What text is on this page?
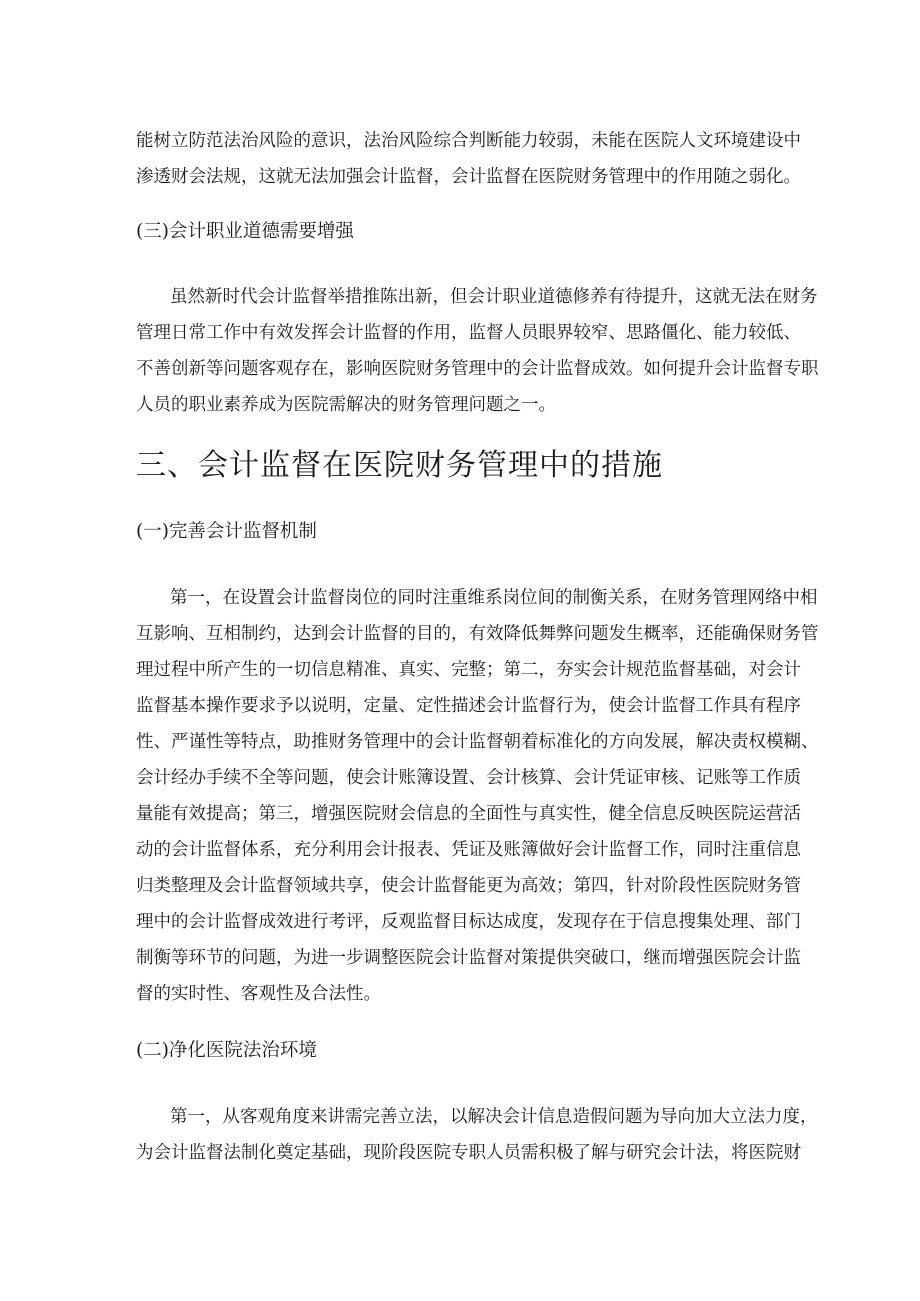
能树立防范法治风险的意识，法治风险综合判断能力较弱，未能在医院人文环境建设中
渗透财会法规，这就无法加强会计监督，会计监督在医院财务管理中的作用随之弱化。
(三)会计职业道德需要增强
虽然新时代会计监督举措推陈出新，但会计职业道德修养有待提升，这就无法在财务
管理日常工作中有效发挥会计监督的作用，监督人员眼界较窄、思路僵化、能力较低、
不善创新等问题客观存在，影响医院财务管理中的会计监督成效。如何提升会计监督专职
人员的职业素养成为医院需解决的财务管理问题之一。
三、会计监督在医院财务管理中的措施
(一)完善会计监督机制
第一，在设置会计监督岗位的同时注重维系岗位间的制衡关系，在财务管理网络中相
互影响、互相制约，达到会计监督的目的，有效降低舞弊问题发生概率，还能确保财务管
理过程中所产生的一切信息精准、真实、完整；第二，夯实会计规范监督基础，对会计
监督基本操作要求予以说明，定量、定性描述会计监督行为，使会计监督工作具有程序
性、严谨性等特点，助推财务管理中的会计监督朝着标准化的方向发展，解决责权模糊、
会计经办手续不全等问题，使会计账簿设置、会计核算、会计凭证审核、记账等工作质
量能有效提高；第三，增强医院财会信息的全面性与真实性，健全信息反映医院运营活
动的会计监督体系，充分利用会计报表、凭证及账簿做好会计监督工作，同时注重信息
归类整理及会计监督领域共享，使会计监督能更为高效；第四，针对阶段性医院财务管
理中的会计监督成效进行考评，反观监督目标达成度，发现存在于信息搜集处理、部门
制衡等环节的问题，为进一步调整医院会计监督对策提供突破口，继而增强医院会计监
督的实时性、客观性及合法性。
(二)净化医院法治环境
第一，从客观角度来讲需完善立法，以解决会计信息造假问题为导向加大立法力度，
为会计监督法制化奠定基础，现阶段医院专职人员需积极了解与研究会计法，将医院财
